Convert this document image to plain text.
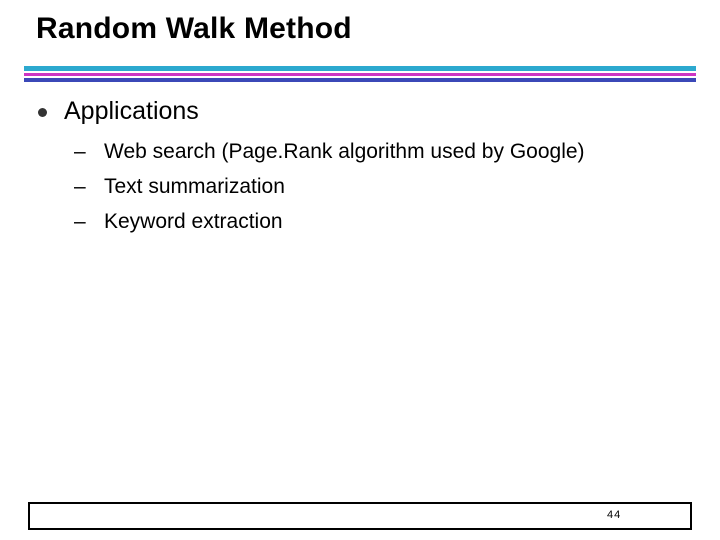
Random Walk Method
Applications
– Web search (Page.Rank algorithm used by Google)
– Text summarization
– Keyword extraction
44
